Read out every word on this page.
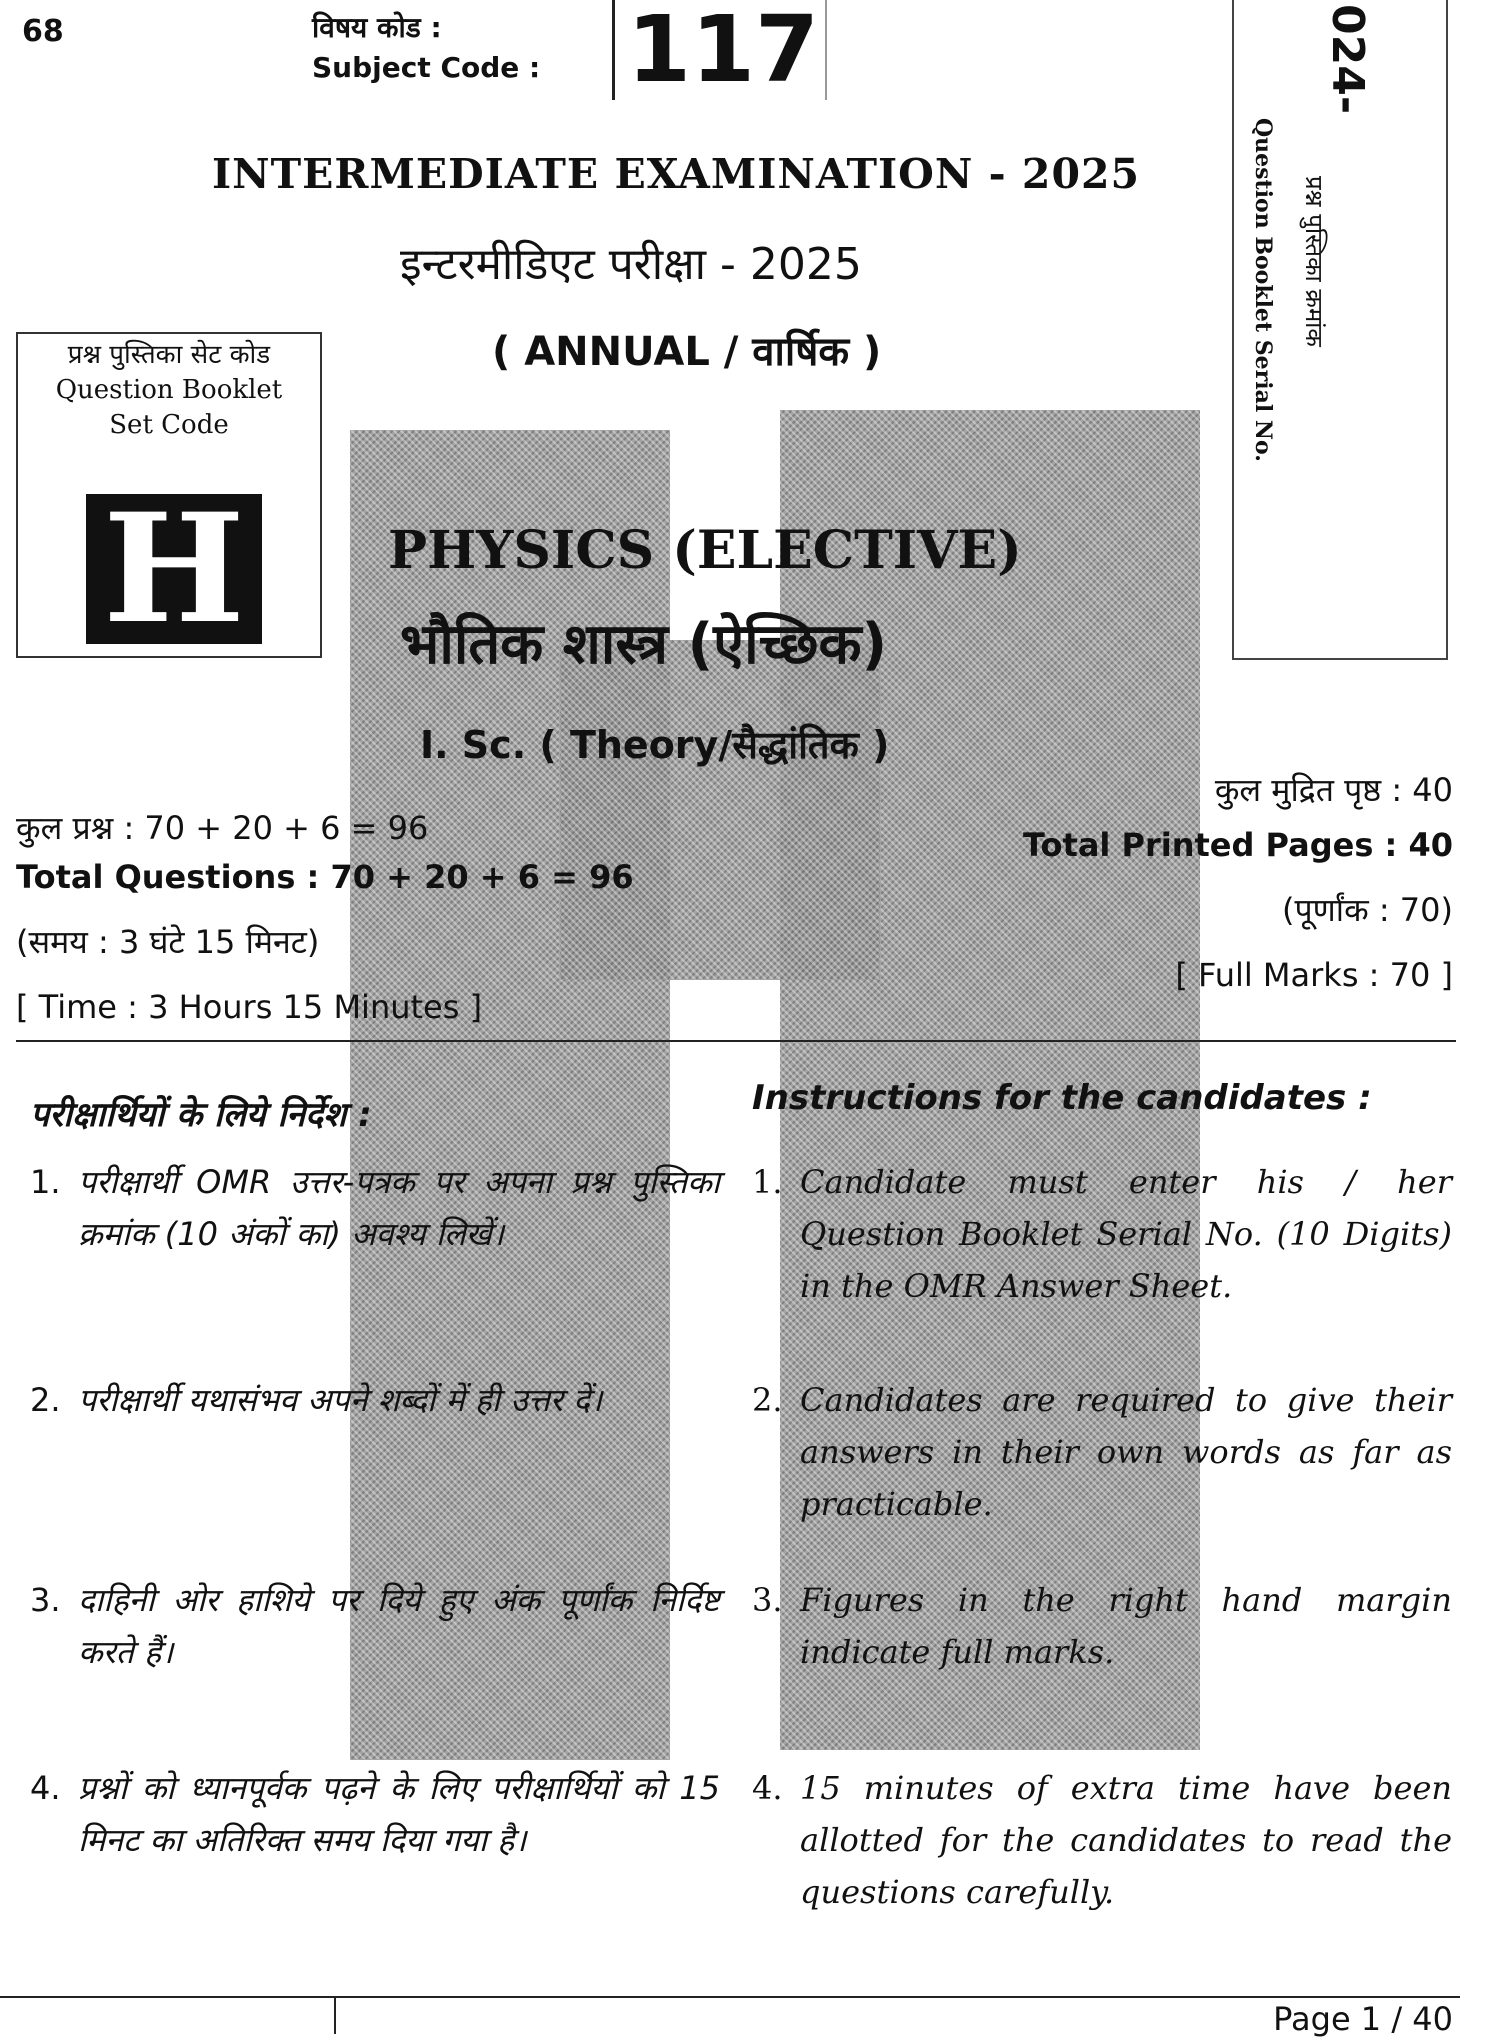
68	विषय कोड :
Subject Code : 117	024-
प्रश्न पुस्तिका क्रमांक
Question Booklet Serial No.
INTERMEDIATE EXAMINATION - 2025
इन्टरमीडिएट परीक्षा - 2025
( ANNUAL / वार्षिक )
प्रश्न पुस्तिका सेट कोड
Question Booklet
Set Code
H	PHYSICS (ELECTIVE)
भौतिक शास्त्र (ऐच्छिक)
I. Sc. ( Theory/सैद्धांतिक )
कुल प्रश्न : 70 + 20 + 6 = 96
Total Questions : 70 + 20 + 6 = 96
(समय : 3 घंटे 15 मिनट)
[ Time : 3 Hours 15 Minutes ]
कुल मुद्रित पृष्ठ : 40
Total Printed Pages : 40
(पूर्णांक : 70)
[ Full Marks : 70 ]
परीक्षार्थियों के लिये निर्देश :	Instructions for the candidates :
1. परीक्षार्थी OMR उत्तर-पत्रक पर अपना प्रश्न पुस्तिका क्रमांक (10 अंकों का) अवश्य लिखें।
2. परीक्षार्थी यथासंभव अपने शब्दों में ही उत्तर दें।
3. दाहिनी ओर हाशिये पर दिये हुए अंक पूर्णांक निर्दिष्ट करते हैं।
4. प्रश्नों को ध्यानपूर्वक पढ़ने के लिए परीक्षार्थियों को 15 मिनट का अतिरिक्त समय दिया गया है।
1. Candidate must enter his / her Question Booklet Serial No. (10 Digits) in the OMR Answer Sheet.
2. Candidates are required to give their answers in their own words as far as practicable.
3. Figures in the right hand margin indicate full marks.
4. 15 minutes of extra time have been allotted for the candidates to read the questions carefully.
Page 1 / 40
